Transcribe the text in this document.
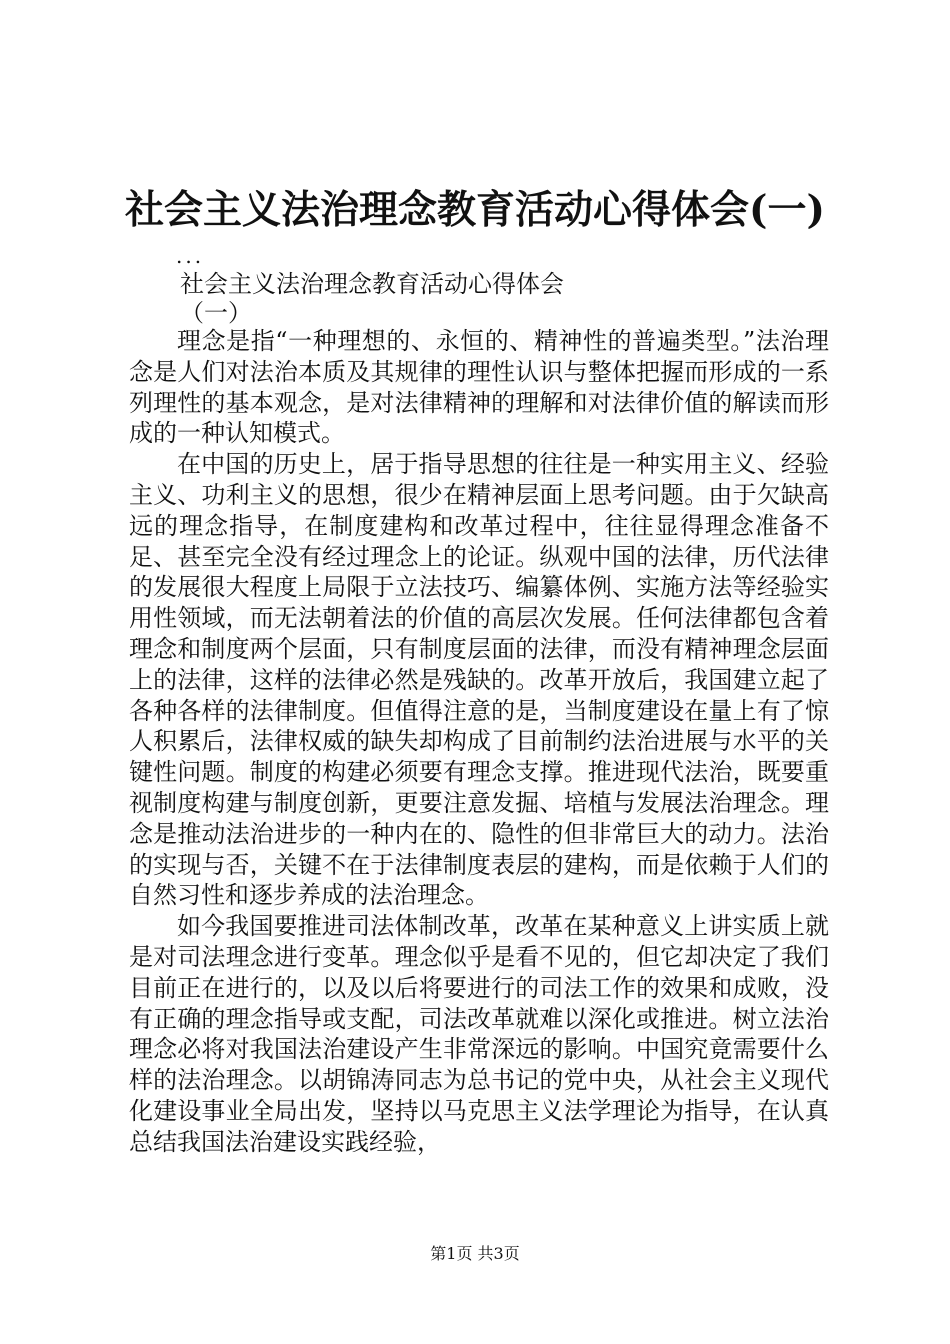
社会主义法治理念教育活动心得体会(一)
...
社会主义法治理念教育活动心得体会
（一）

理念是指“一种理想的、永恒的、精神性的普遍类型。”法治理念是人们对法治本质及其规律的理性认识与整体把握而形成的一系列理性的基本观念，是对法律精神的理解和对法律价值的解读而形成的一种认知模式。

在中国的历史上，居于指导思想的往往是一种实用主义、经验主义、功利主义的思想，很少在精神层面上思考问题。由于欠缺高远的理念指导，在制度建构和改革过程中，往往显得理念准备不足、甚至完全没有经过理念上的论证。纵观中国的法律，历代法律的发展很大程度上局限于立法技巧、编纂体例、实施方法等经验实用性领域，而无法朝着法的价值的高层次发展。任何法律都包含着理念和制度两个层面，只有制度层面的法律，而没有精神理念层面上的法律，这样的法律必然是残缺的。改革开放后，我国建立起了各种各样的法律制度。但值得注意的是，当制度建设在量上有了惊人积累后，法律权威的缺失却构成了目前制约法治进展与水平的关键性问题。制度的构建必须要有理念支撑。推进现代法治，既要重视制度构建与制度创新，更要注意发掘、培植与发展法治理念。理念是推动法治进步的一种内在的、隐性的但非常巨大的动力。法治的实现与否，关键不在于法律制度表层的建构，而是依赖于人们的自然习性和逐步养成的法治理念。

如今我国要推进司法体制改革，改革在某种意义上讲实质上就是对司法理念进行变革。理念似乎是看不见的，但它却决定了我们目前正在进行的，以及以后将要进行的司法工作的效果和成败，没有正确的理念指导或支配，司法改革就难以深化或推进。树立法治理念必将对我国法治建设产生非常深远的影响。中国究竟需要什么样的法治理念。以胡锦涛同志为总书记的党中央，从社会主义现代化建设事业全局出发，坚持以马克思主义法学理论为指导，在认真总结我国法治建设实践经验，

第1页 共3页
